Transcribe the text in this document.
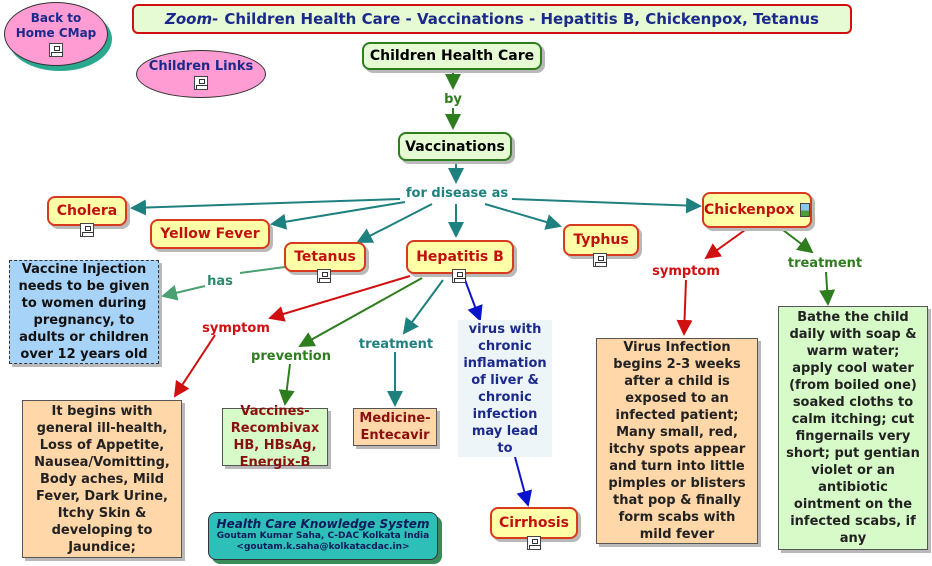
Zoom- Children Health Care - Vaccinations - Hepatitis B, Chickenpox, Tetanus
Back to
Home CMap
Children Links
Children Health Care
by
Vaccinations
for disease as
Cholera
Yellow Fever
Tetanus	Hepatitis B
Typhus
Chickenpox
Vaccine Injection needs to be given to women during pregnancy, to adults or children over 12 years old
has
symptom
prevention
treatment
virus with
chronic
inflamation
of liver &
chronic
infection
may lead
to
It begins with general ill-health, Loss of Appetite, Nausea/Vomitting, Body aches, Mild Fever, Dark Urine, Itchy Skin & developing to Jaundice;
Vaccines-Recombivax HB, HBsAg, Energix-B
Medicine-Entecavir
Cirrhosis
symptom
treatment
Virus Infection begins 2-3 weeks after a child is exposed to an infected patient; Many small, red, itchy spots appear and turn into little pimples or blisters that pop & finally form scabs with mild fever
Bathe the child daily with soap & warm water; apply cool water (from boiled one) soaked cloths to calm itching; cut fingernails very short; put gentian violet or an antibiotic ointment on the infected scabs, if any
Health Care Knowledge System
Goutam Kumar Saha, C-DAC Kolkata India
<goutam.k.saha@kolkatacdac.in>
